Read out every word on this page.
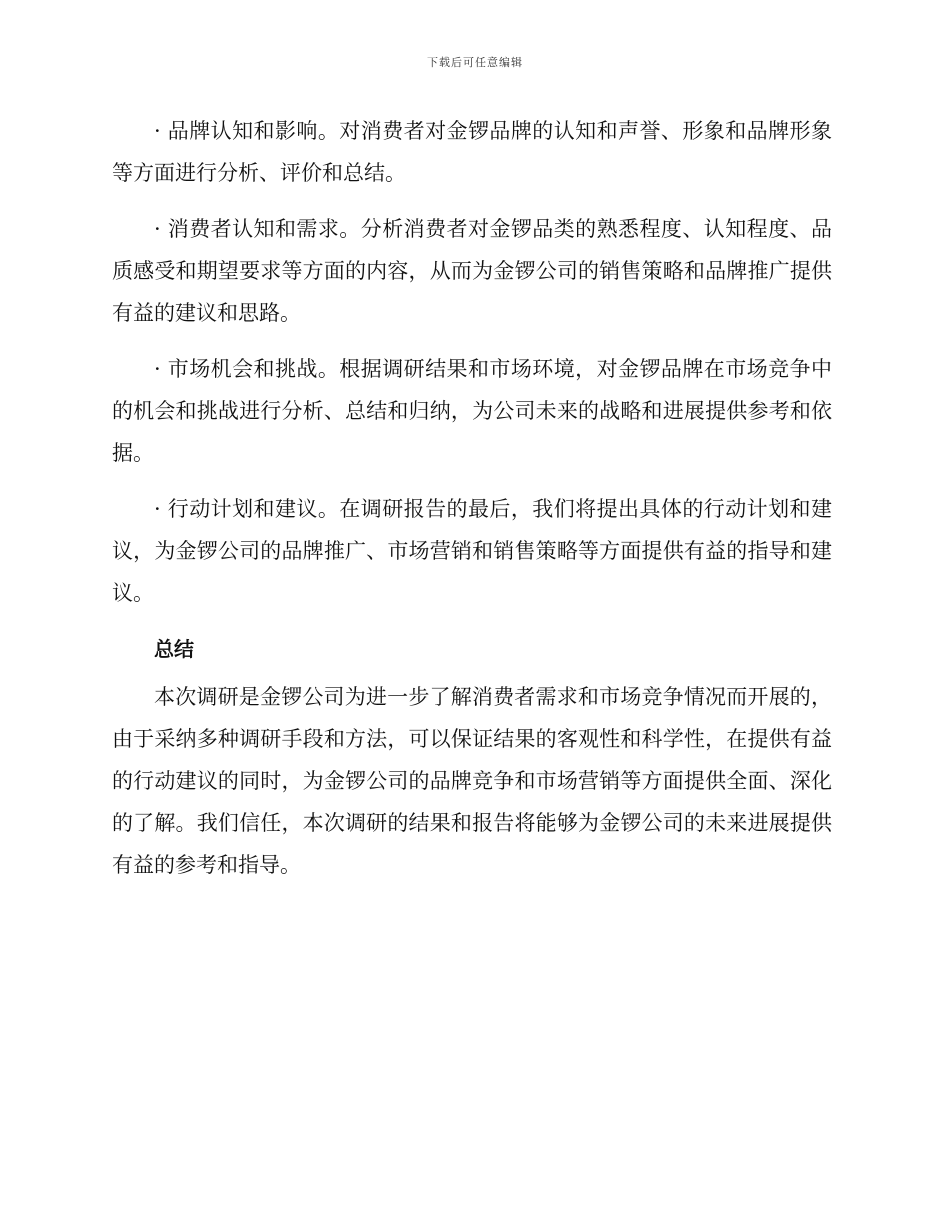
下载后可任意编辑

· 品牌认知和影响。对消费者对金锣品牌的认知和声誉、形象和品牌形象等方面进行分析、评价和总结。

· 消费者认知和需求。分析消费者对金锣品类的熟悉程度、认知程度、品质感受和期望要求等方面的内容，从而为金锣公司的销售策略和品牌推广提供有益的建议和思路。

· 市场机会和挑战。根据调研结果和市场环境，对金锣品牌在市场竞争中的机会和挑战进行分析、总结和归纳，为公司未来的战略和进展提供参考和依据。

· 行动计划和建议。在调研报告的最后，我们将提出具体的行动计划和建议，为金锣公司的品牌推广、市场营销和销售策略等方面提供有益的指导和建议。

总结

本次调研是金锣公司为进一步了解消费者需求和市场竞争情况而开展的，由于采纳多种调研手段和方法，可以保证结果的客观性和科学性，在提供有益的行动建议的同时，为金锣公司的品牌竞争和市场营销等方面提供全面、深化的了解。我们信任，本次调研的结果和报告将能够为金锣公司的未来进展提供有益的参考和指导。
